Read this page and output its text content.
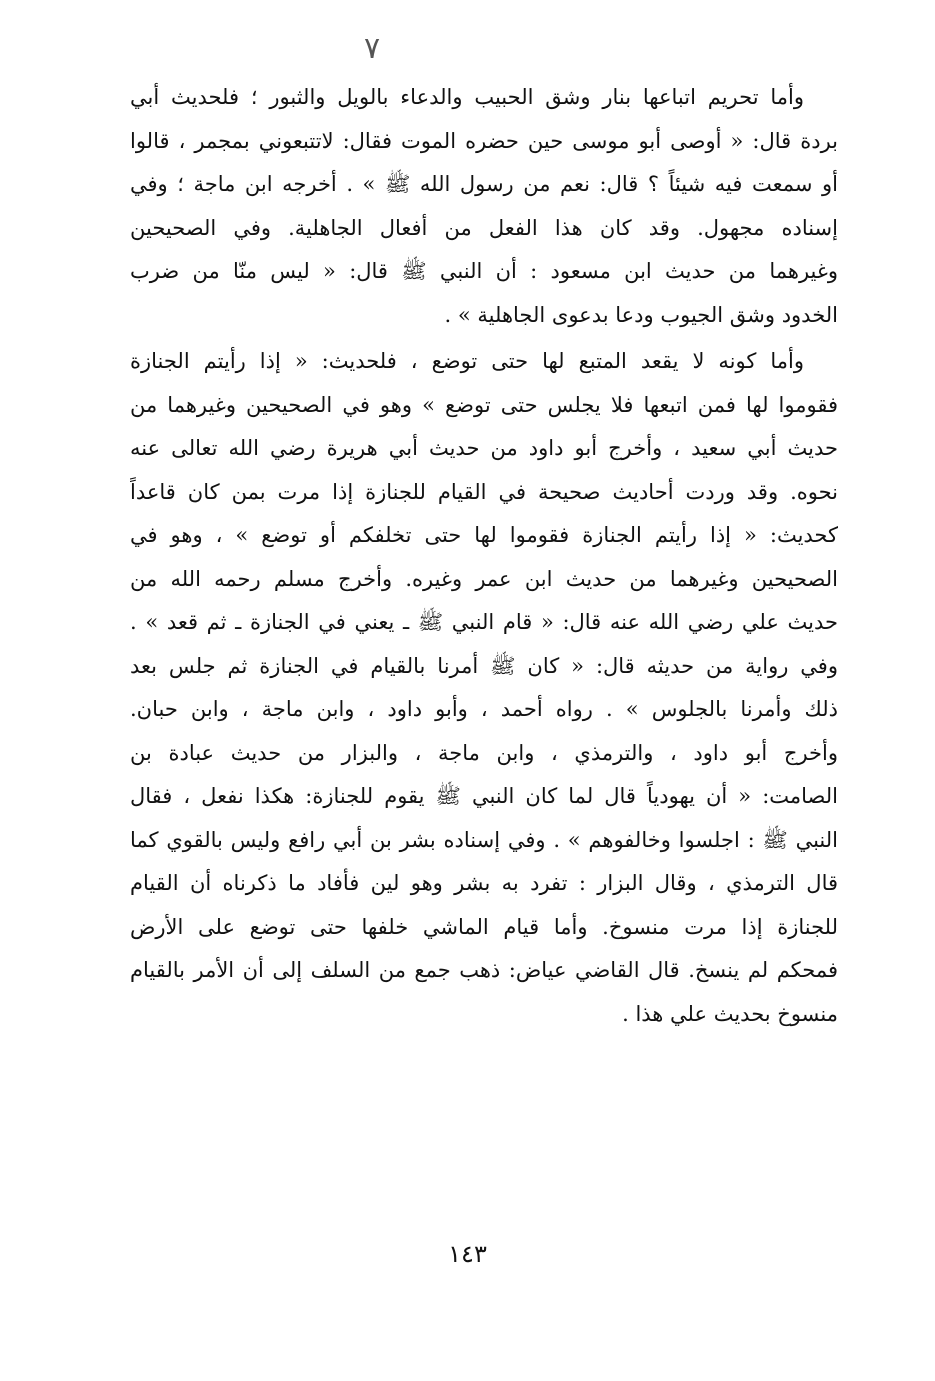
٧
وأما تحريم اتباعها بنار وشق الحبيب والدعاء بالويل والثبور ؛ فلحديث أبي
بردة قال: « أوصى أبو موسى حين حضره الموت فقال: لاتتبعوني بمجمر ، قالوا
أو سمعت فيه شيئاً ؟ قال: نعم من رسول الله ﷺ » . أخرجه ابن ماجة ؛ وفي
إسناده مجهول. وقد كان هذا الفعل من أفعال الجاهلية. وفي الصحيحين
وغيرهما من حديث ابن مسعود : أن النبي ﷺ قال: « ليس منّا من ضرب
الخدود وشق الجيوب ودعا بدعوى الجاهلية » .
وأما كونه لا يقعد المتبع لها حتى توضع ، فلحديث: « إذا رأيتم الجنازة
فقوموا لها فمن اتبعها فلا يجلس حتى توضع » وهو في الصحيحين وغيرهما من
حديث أبي سعيد ، وأخرج أبو داود من حديث أبي هريرة رضي الله تعالى عنه
نحوه. وقد وردت أحاديث صحيحة في القيام للجنازة إذا مرت بمن كان قاعداً
كحديث: « إذا رأيتم الجنازة فقوموا لها حتى تخلفكم أو توضع » ، وهو في
الصحيحين وغيرهما من حديث ابن عمر وغيره. وأخرج مسلم رحمه الله من
حديث علي رضي الله عنه قال: « قام النبي ﷺ ـ يعني في الجنازة ـ ثم قعد » .
وفي رواية من حديثه قال: « كان ﷺ أمرنا بالقيام في الجنازة ثم جلس بعد
ذلك وأمرنا بالجلوس » . رواه أحمد ، وأبو داود ، وابن ماجة ، وابن حبان.
وأخرج أبو داود ، والترمذي ، وابن ماجة ، والبزار من حديث عبادة بن
الصامت: « أن يهودياً قال لما كان النبي ﷺ يقوم للجنازة: هكذا نفعل ، فقال
النبي ﷺ : اجلسوا وخالفوهم » . وفي إسناده بشر بن أبي رافع وليس بالقوي كما
قال الترمذي ، وقال البزار : تفرد به بشر وهو لين فأفاد ما ذكرناه أن القيام
للجنازة إذا مرت منسوخ. وأما قيام الماشي خلفها حتى توضع على الأرض
فمحكم لم ينسخ. قال القاضي عياض: ذهب جمع من السلف إلى أن الأمر بالقيام
منسوخ بحديث علي هذا .
١٤٣
